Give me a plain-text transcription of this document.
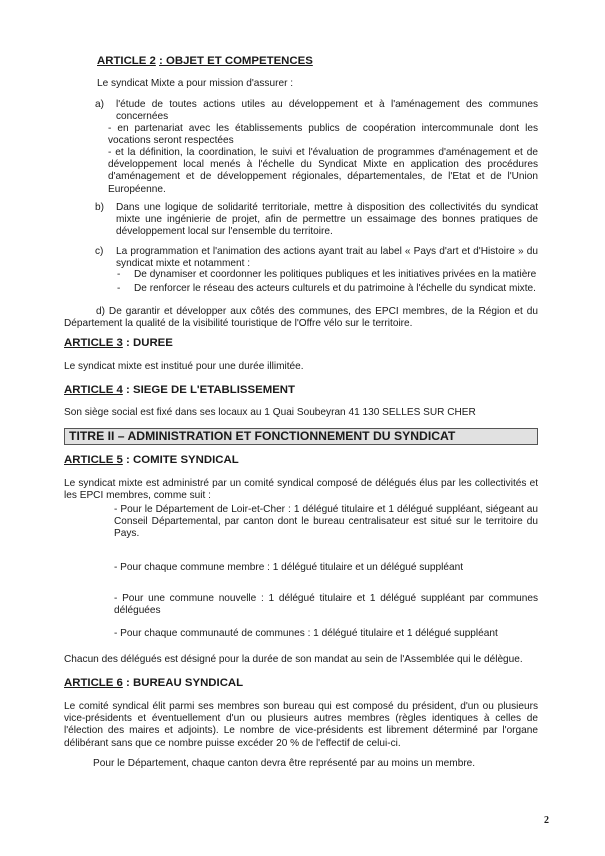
ARTICLE 2 : OBJET ET COMPETENCES

Le syndicat Mixte a pour mission d'assurer :

a) l'étude de toutes actions utiles au développement et à l'aménagement des communes concernées

- en partenariat avec les établissements publics de coopération intercommunale dont les vocations seront respectées

- et la définition, la coordination, le suivi et l'évaluation de programmes d'aménagement et de développement local menés à l'échelle du Syndicat Mixte en application des procédures d'aménagement et de développement régionales, départementales, de l'Etat et de l'Union Européenne.

b) Dans une logique de solidarité territoriale, mettre à disposition des collectivités du syndicat mixte une ingénierie de projet, afin de permettre un essaimage des bonnes pratiques de développement local sur l'ensemble du territoire.

c) La programmation et l'animation des actions ayant trait au label « Pays d'art et d'Histoire » du syndicat mixte et notamment :

- De dynamiser et coordonner les politiques publiques et les initiatives privées en la matière

- De renforcer le réseau des acteurs culturels et du patrimoine à l'échelle du syndicat mixte.

d) De garantir et développer aux côtés des communes, des EPCI membres, de la Région et du Département la qualité de la visibilité touristique de l'Offre vélo sur le territoire.

ARTICLE 3 : DUREE

Le syndicat mixte est institué pour une durée illimitée.

ARTICLE 4 : SIEGE DE L'ETABLISSEMENT

Son siège social est fixé dans ses locaux au 1 Quai Soubeyran 41 130 SELLES SUR CHER

TITRE II – ADMINISTRATION ET FONCTIONNEMENT DU SYNDICAT

ARTICLE 5 : COMITE SYNDICAL

Le syndicat mixte est administré par un comité syndical composé de délégués élus par les collectivités et les EPCI membres, comme suit :

- Pour le Département de Loir-et-Cher : 1 délégué titulaire et 1 délégué suppléant, siégeant au Conseil Départemental, par canton dont le bureau centralisateur est situé sur le territoire du Pays.

- Pour chaque commune membre : 1 délégué titulaire et un délégué suppléant

- Pour une commune nouvelle : 1 délégué titulaire et 1 délégué suppléant par communes déléguées

- Pour chaque communauté de communes : 1 délégué titulaire et 1 délégué suppléant

Chacun des délégués est désigné pour la durée de son mandat au sein de l'Assemblée qui le délègue.

ARTICLE 6 : BUREAU SYNDICAL

Le comité syndical élit parmi ses membres son bureau qui est composé du président, d'un ou plusieurs vice-présidents et éventuellement d'un ou plusieurs autres membres (règles identiques à celles de l'élection des maires et adjoints). Le nombre de vice-présidents est librement déterminé par l'organe délibérant sans que ce nombre puisse excéder 20 % de l'effectif de celui-ci.

Pour le Département, chaque canton devra être représenté par au moins un membre.

2
